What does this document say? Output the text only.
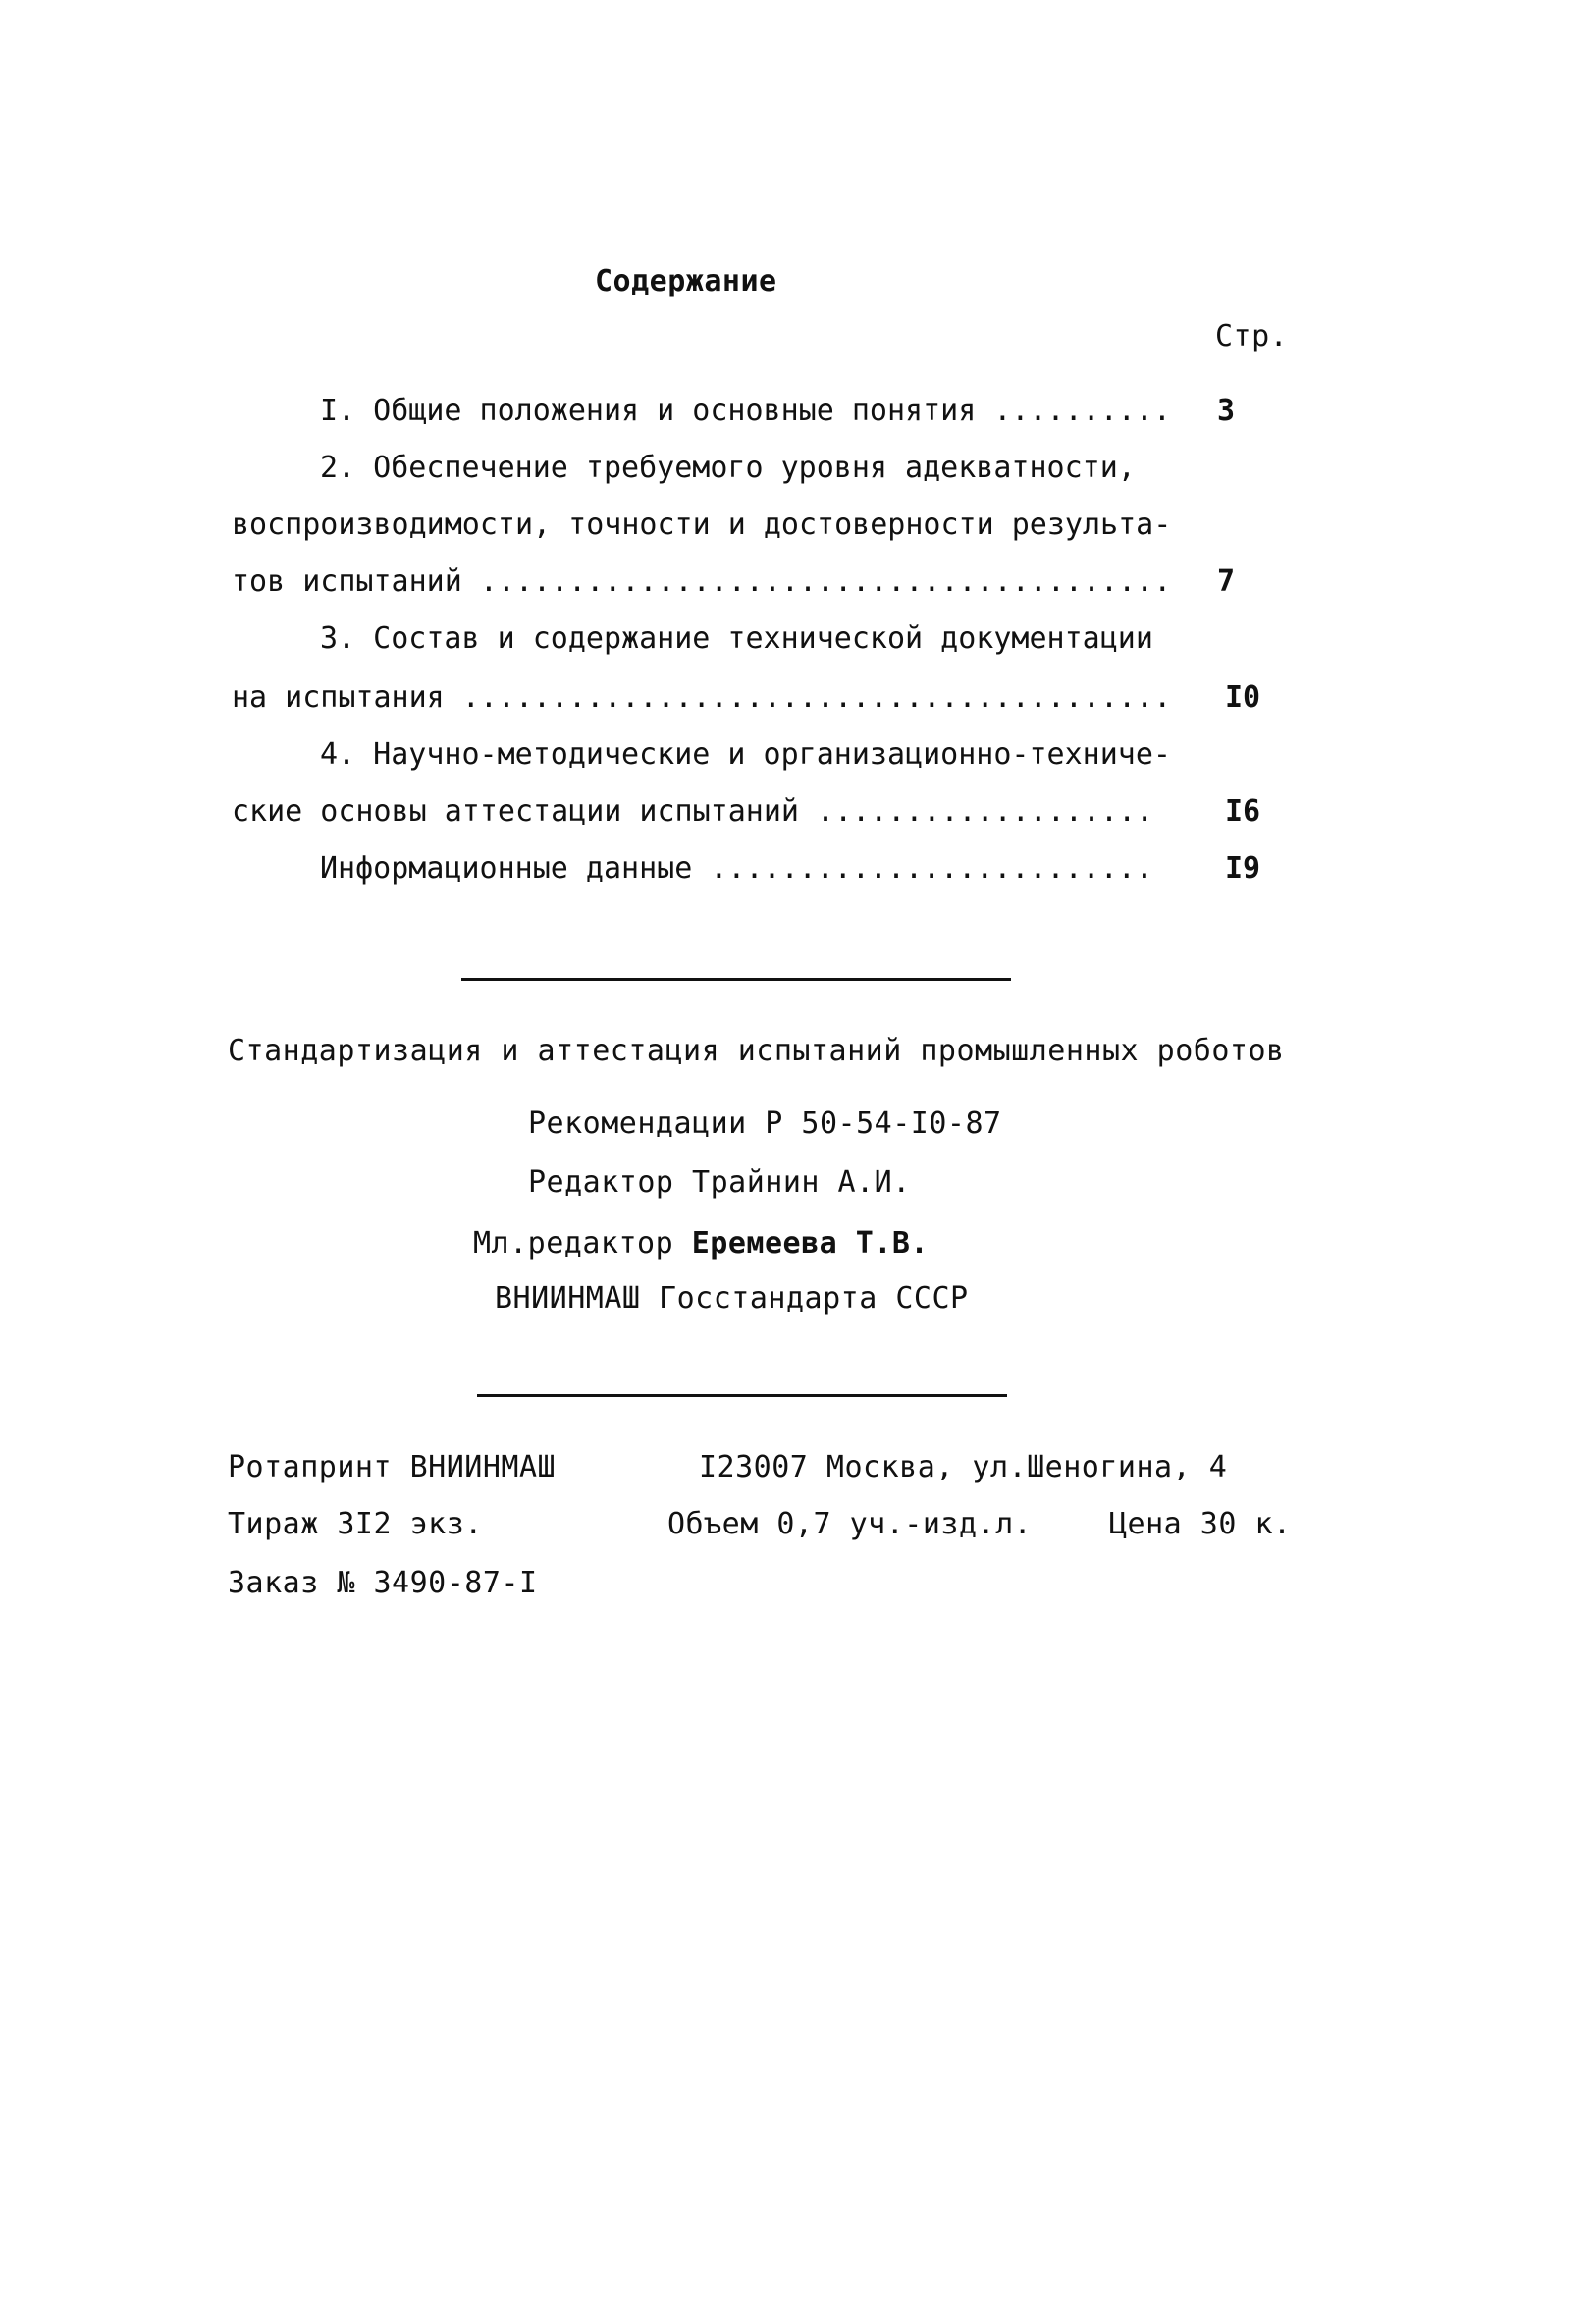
Содержание
Стр.
I. Общие положения и основные понятия .......... 3
2. Обеспечение требуемого уровня адекватности,
воспроизводимости, точности и достоверности результа-
тов испытаний ....................................... 7
3. Состав и содержание технической документации
на испытания ........................................ I0
4. Научно-методические и организационно-техниче-
ские основы аттестации испытаний ................... I6
Информационные данные ......................... I9
Стандартизация и аттестация испытаний промышленных роботов
Рекомендации Р 50-54-I0-87
Редактор Трайнин А.И.
Мл.редактор Еремеева Т.В.
ВНИИНМАШ Госстандарта СССР
Ротапринт ВНИИНМАШ	I23007 Москва, ул.Шеногина, 4
Тираж 3I2 экз.	Объем 0,7 уч.-изд.л.	Цена 30 к.
Заказ № 3490-87-I
